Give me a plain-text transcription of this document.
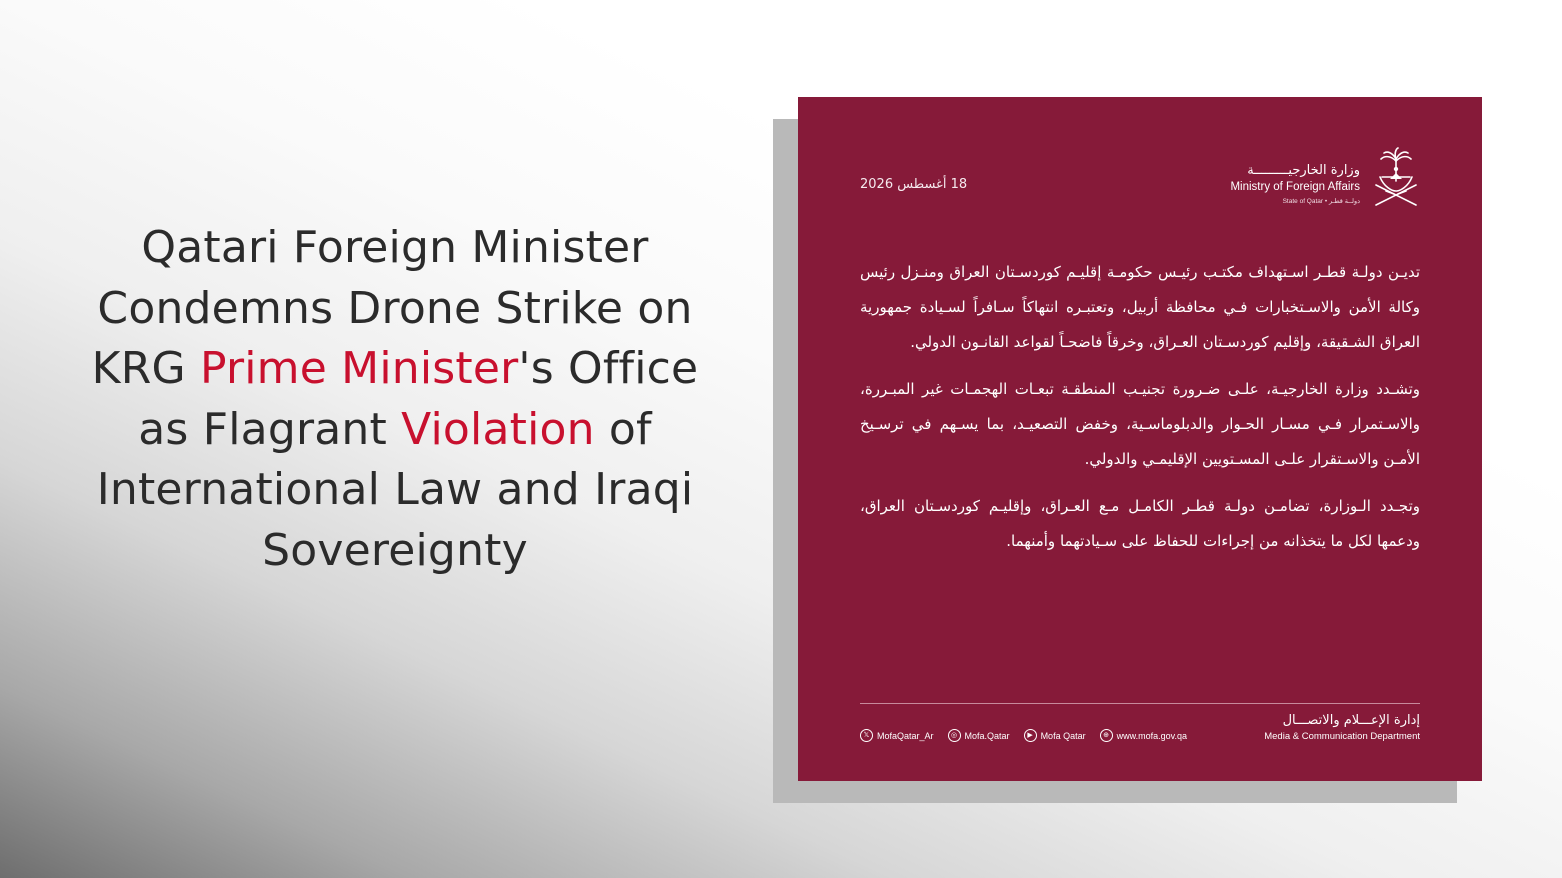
Qatari Foreign Minister
Condemns Drone Strike on
KRG Prime Minister's Office
as Flagrant Violation of
International Law and Iraqi
Sovereignty
18 أغسطس 2026
وزارة الخارجيـــــــــة
Ministry of Foreign Affairs
State of Qatar • دولــة قطـر

تديـن دولـة قطـر اسـتهداف مكتـب رئيـس حكومـة إقليـم كوردسـتان العراق ومنـزل رئيس وكالة الأمن والاسـتخبارات فـي محافظة أربيل، وتعتبـره انتهاكاً سـافراً لسـيادة جمهورية العراق الشـقيقة، وإقليم كوردسـتان العـراق، وخرقاً فاضحـاً لقواعد القانـون الدولي.

وتشـدد وزارة الخارجيـة، علـى ضـرورة تجنيـب المنطقـة تبعـات الهجمـات غير المبـررة، والاسـتمرار فـي مسـار الحـوار والدبلوماسـية، وخفض التصعيـد، بما يسـهم في ترسـيخ الأمـن والاسـتقرار علـى المسـتويين الإقليمـي والدولي.

وتجـدد الـوزارة، تضامـن دولـة قطـر الكامـل مـع العـراق، وإقليـم كوردسـتان العراق، ودعمها لكل ما يتخذانه من إجراءات للحفاظ على سـيادتهما وأمنهما.

إدارة الإعـــلام والاتصـــال
Media & Communication Department
𝕏 MofaQatar_Ar	◎ Mofa.Qatar	▶ Mofa Qatar	⊕ www.mofa.gov.qa
